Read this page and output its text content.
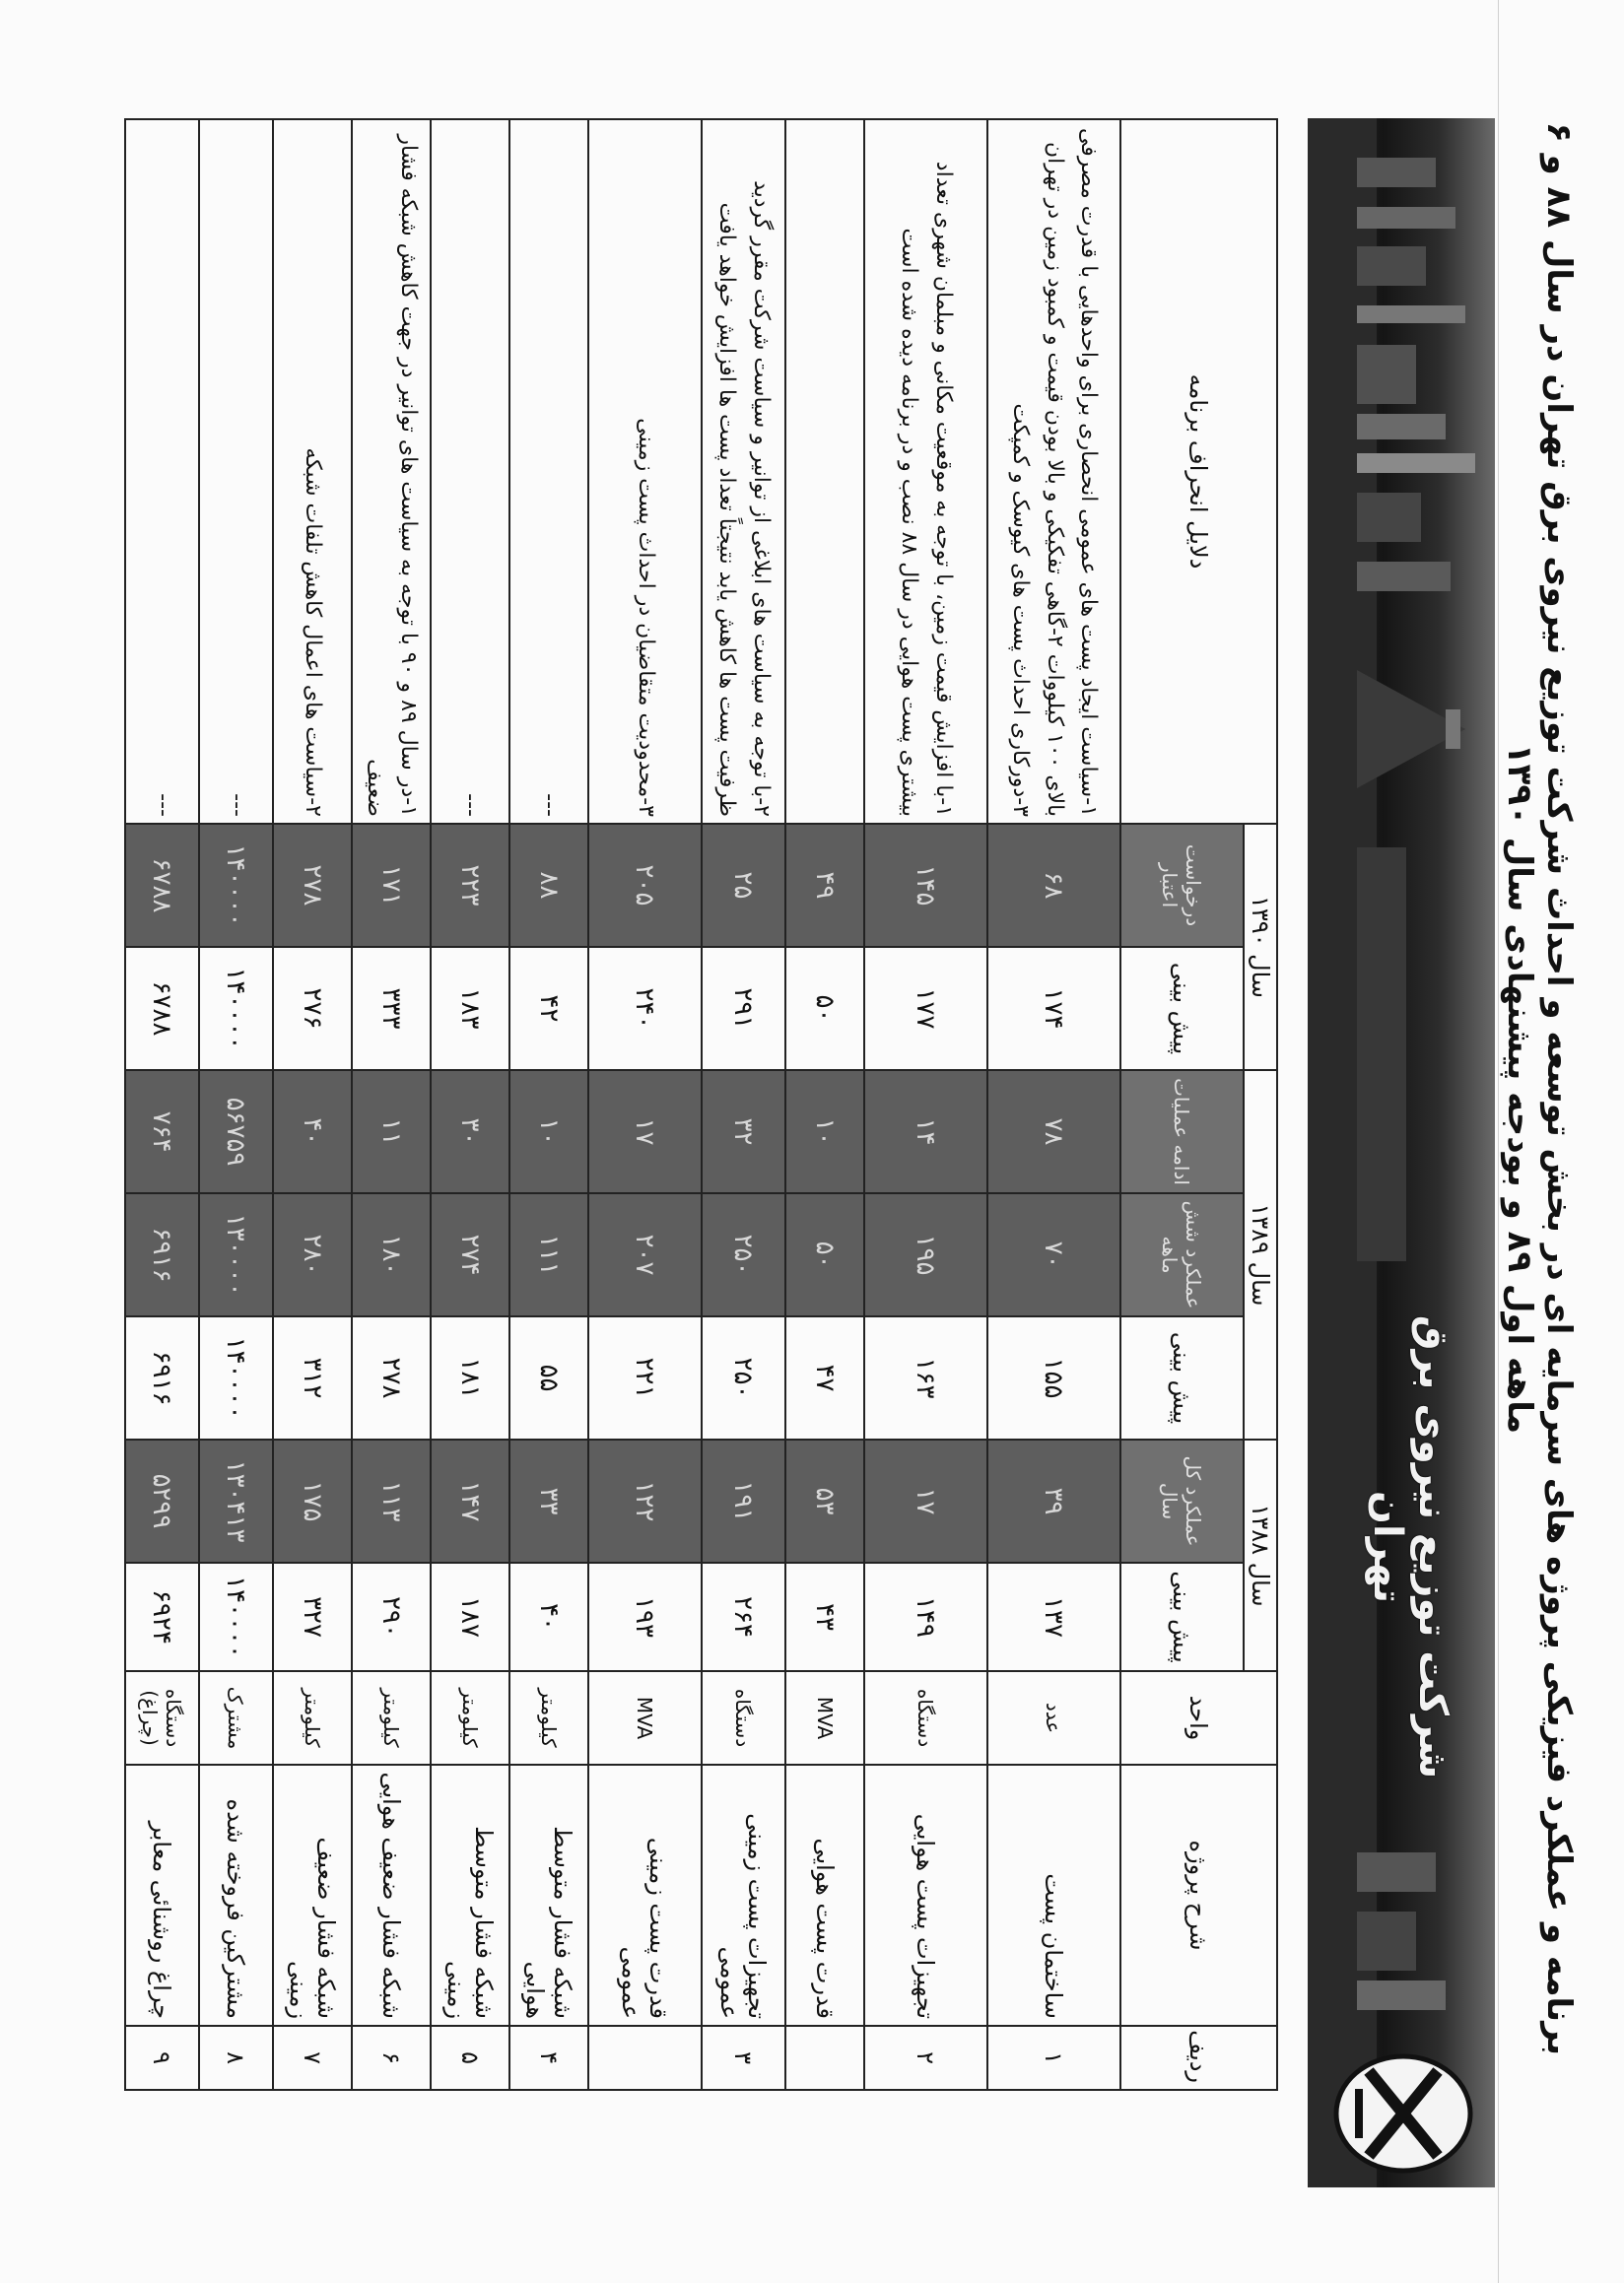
برنامه و عملکرد فیزیکی پروژه های سرمایه ای در بخش توسعه و احداث شرکت توزیع نیروی برق تهران در سال ۸۸ و ۶ ماهه اول ۸۹ و بودجه پیشنهادی سال ۱۳۹۰
شرکت توزیع نیروی برق تهران
ردیف	شرح پروژه	واحد	سال ۱۳۸۸		سال ۱۳۸۹			سال ۱۳۹۰		دلایل انحراف برنامه
			پیش بینی	عملکرد کل سال	پیش بینی	عملکرد شش ماهه	ادامه عملیات	پیش بینی	درخواست اعتبار	
۱	ساختمان پست	عدد	۱۳۷	۳۹	۱۵۵	۷۰	۷۸	۱۷۴	۶۸	۱-سیاست ایجاد پست های عمومی انحصاری برای واحدهایی با قدرت مصرفی بالای ۱۰۰ کیلووات ۲-گاهی تفکیکی و بالا بودن قیمت و کمبود زمین در تهران ۳-دورکاری احداث پست های کیوسک و کمپکت
۲	تجهیزات پست هوایی	دستگاه	۱۴۹	۱۷	۱۶۳	۱۹۵	۱۴	۱۷۷	۱۴۵	۱-با افزایش قیمت زمین، با توجه به موقعیت مکانی و مبلمان شهری تعداد بیشتری پست هوایی در سال ۸۸ نصب و در برنامه دیده شده است
	قدرت پست هوایی	MVA	۴۳	۵۳	۴۷	۵۰	۱۰	۵۰	۴۹	
۳	تجهیزات پست زمینی عمومی	دستگاه	۲۶۴	۱۹۱	۲۵۰	۲۵۰	۳۲	۲۹۱	۲۵	۲-با توجه به سیاست های ابلاغی از توانیر و سیاست شرکت مقرر گردید ظرفیت پست ها کاهش یابد نتیجتاً تعداد پست ها افزایش خواهد یافت
	قدرت پست زمینی عمومی	MVA	۱۹۳	۱۲۲	۲۲۱	۲۰۷	۱۷	۲۴۰	۲۰۵	۳-محدودیت متقاضیان در احداث پست زمینی
۴	شبکه فشار متوسط هوایی	کیلومتر	۴۰	۳۳	۵۵	۱۱۱	۱۰	۴۲	۸۸	---
۵	شبکه فشار متوسط زمینی	کیلومتر	۱۸۷	۱۴۷	۱۸۱	۲۷۴	۳۰	۱۸۳	۲۲۳	---
۶	شبکه فشار ضعیف هوایی	کیلومتر	۲۹۰	۱۱۳	۲۷۸	۱۸۰	۱۱	۳۳۳	۱۷۱	۱-در سال ۸۹ و ۹۰ با توجه به سیاست های توانیر در جهت کاهش شبکه فشار ضعیف
۷	شبکه فشار ضعیف زمینی	کیلومتر	۳۲۷	۱۷۵	۳۱۲	۲۸۰	۴۰	۲۷۶	۲۷۸	۲-سیاست های اعمال کاهش تلفات شبکه
۸	مشترکین فروخته شده	مشترک	۱۴۰۰۰۰	۱۳۰۴۱۳	۱۴۰۰۰۰	۱۳۰۰۰۰	۵۶۷۵۹	۱۴۰۰۰۰	۱۴۰۰۰۰	---
۹	چراغ روشنائی معابر	دستگاه (چراغ)	۶۹۲۴	۵۲۹۹	۶۹۱۶	۶۹۱۶	۷۶۴	۶۷۸۸	۶۷۸۸	---
